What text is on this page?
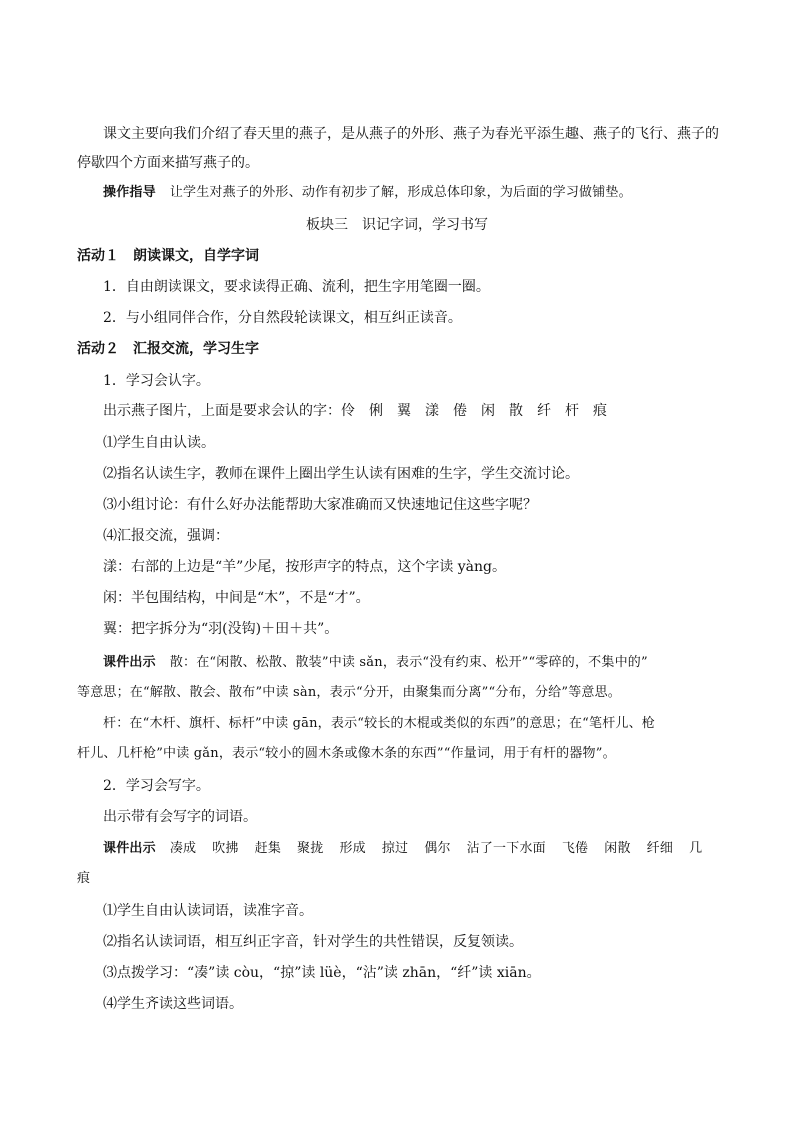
课文主要向我们介绍了春天里的燕子，是从燕子的外形、燕子为春光平添生趣、燕子的飞行、燕子的
停歇四个方面来描写燕子的。
操作指导 让学生对燕子的外形、动作有初步了解，形成总体印象，为后面的学习做铺垫。
板块三　识记字词，学习书写
活动１　朗读课文，自学字词
1．自由朗读课文，要求读得正确、流利，把生字用笔圈一圈。
2．与小组同伴合作，分自然段轮读课文，相互纠正读音。
活动２　汇报交流，学习生字
1．学习会认字。
出示燕子图片，上面是要求会认的字：伶 俐 翼 漾 倦 闲 散 纤 杆 痕
⑴学生自由认读。
⑵指名认读生字，教师在课件上圈出学生认读有困难的生字，学生交流讨论。
⑶小组讨论：有什么好办法能帮助大家准确而又快速地记住这些字呢？
⑷汇报交流，强调：
漾：右部的上边是“羊”少尾，按形声字的特点，这个字读 yàng。
闲：半包围结构，中间是“木”，不是“才”。
翼：把字拆分为“羽(没钩)＋田＋共”。
课件出示 散：在“闲散、松散、散装”中读 sǎn，表示“没有约束、松开”“零碎的，不集中的”
等意思；在“解散、散会、散布”中读 sàn，表示“分开，由聚集而分离”“分布，分给”等意思。
杆：在“木杆、旗杆、标杆”中读 gān，表示“较长的木棍或类似的东西”的意思；在“笔杆儿、枪
杆儿、几杆枪”中读 gǎn，表示“较小的圆木条或像木条的东西”“作量词，用于有杆的器物”。
2．学习会写字。
出示带有会写字的词语。
课件出示 凑成 吹拂 赶集 聚拢 形成 掠过 偶尔 沾了一下水面 飞倦 闲散 纤细 几
痕
⑴学生自由认读词语，读准字音。
⑵指名认读词语，相互纠正字音，针对学生的共性错误，反复领读。
⑶点拨学习：“凑”读 còu，“掠”读 lüè，“沾”读 zhān，“纤”读 xiān。
⑷学生齐读这些词语。
